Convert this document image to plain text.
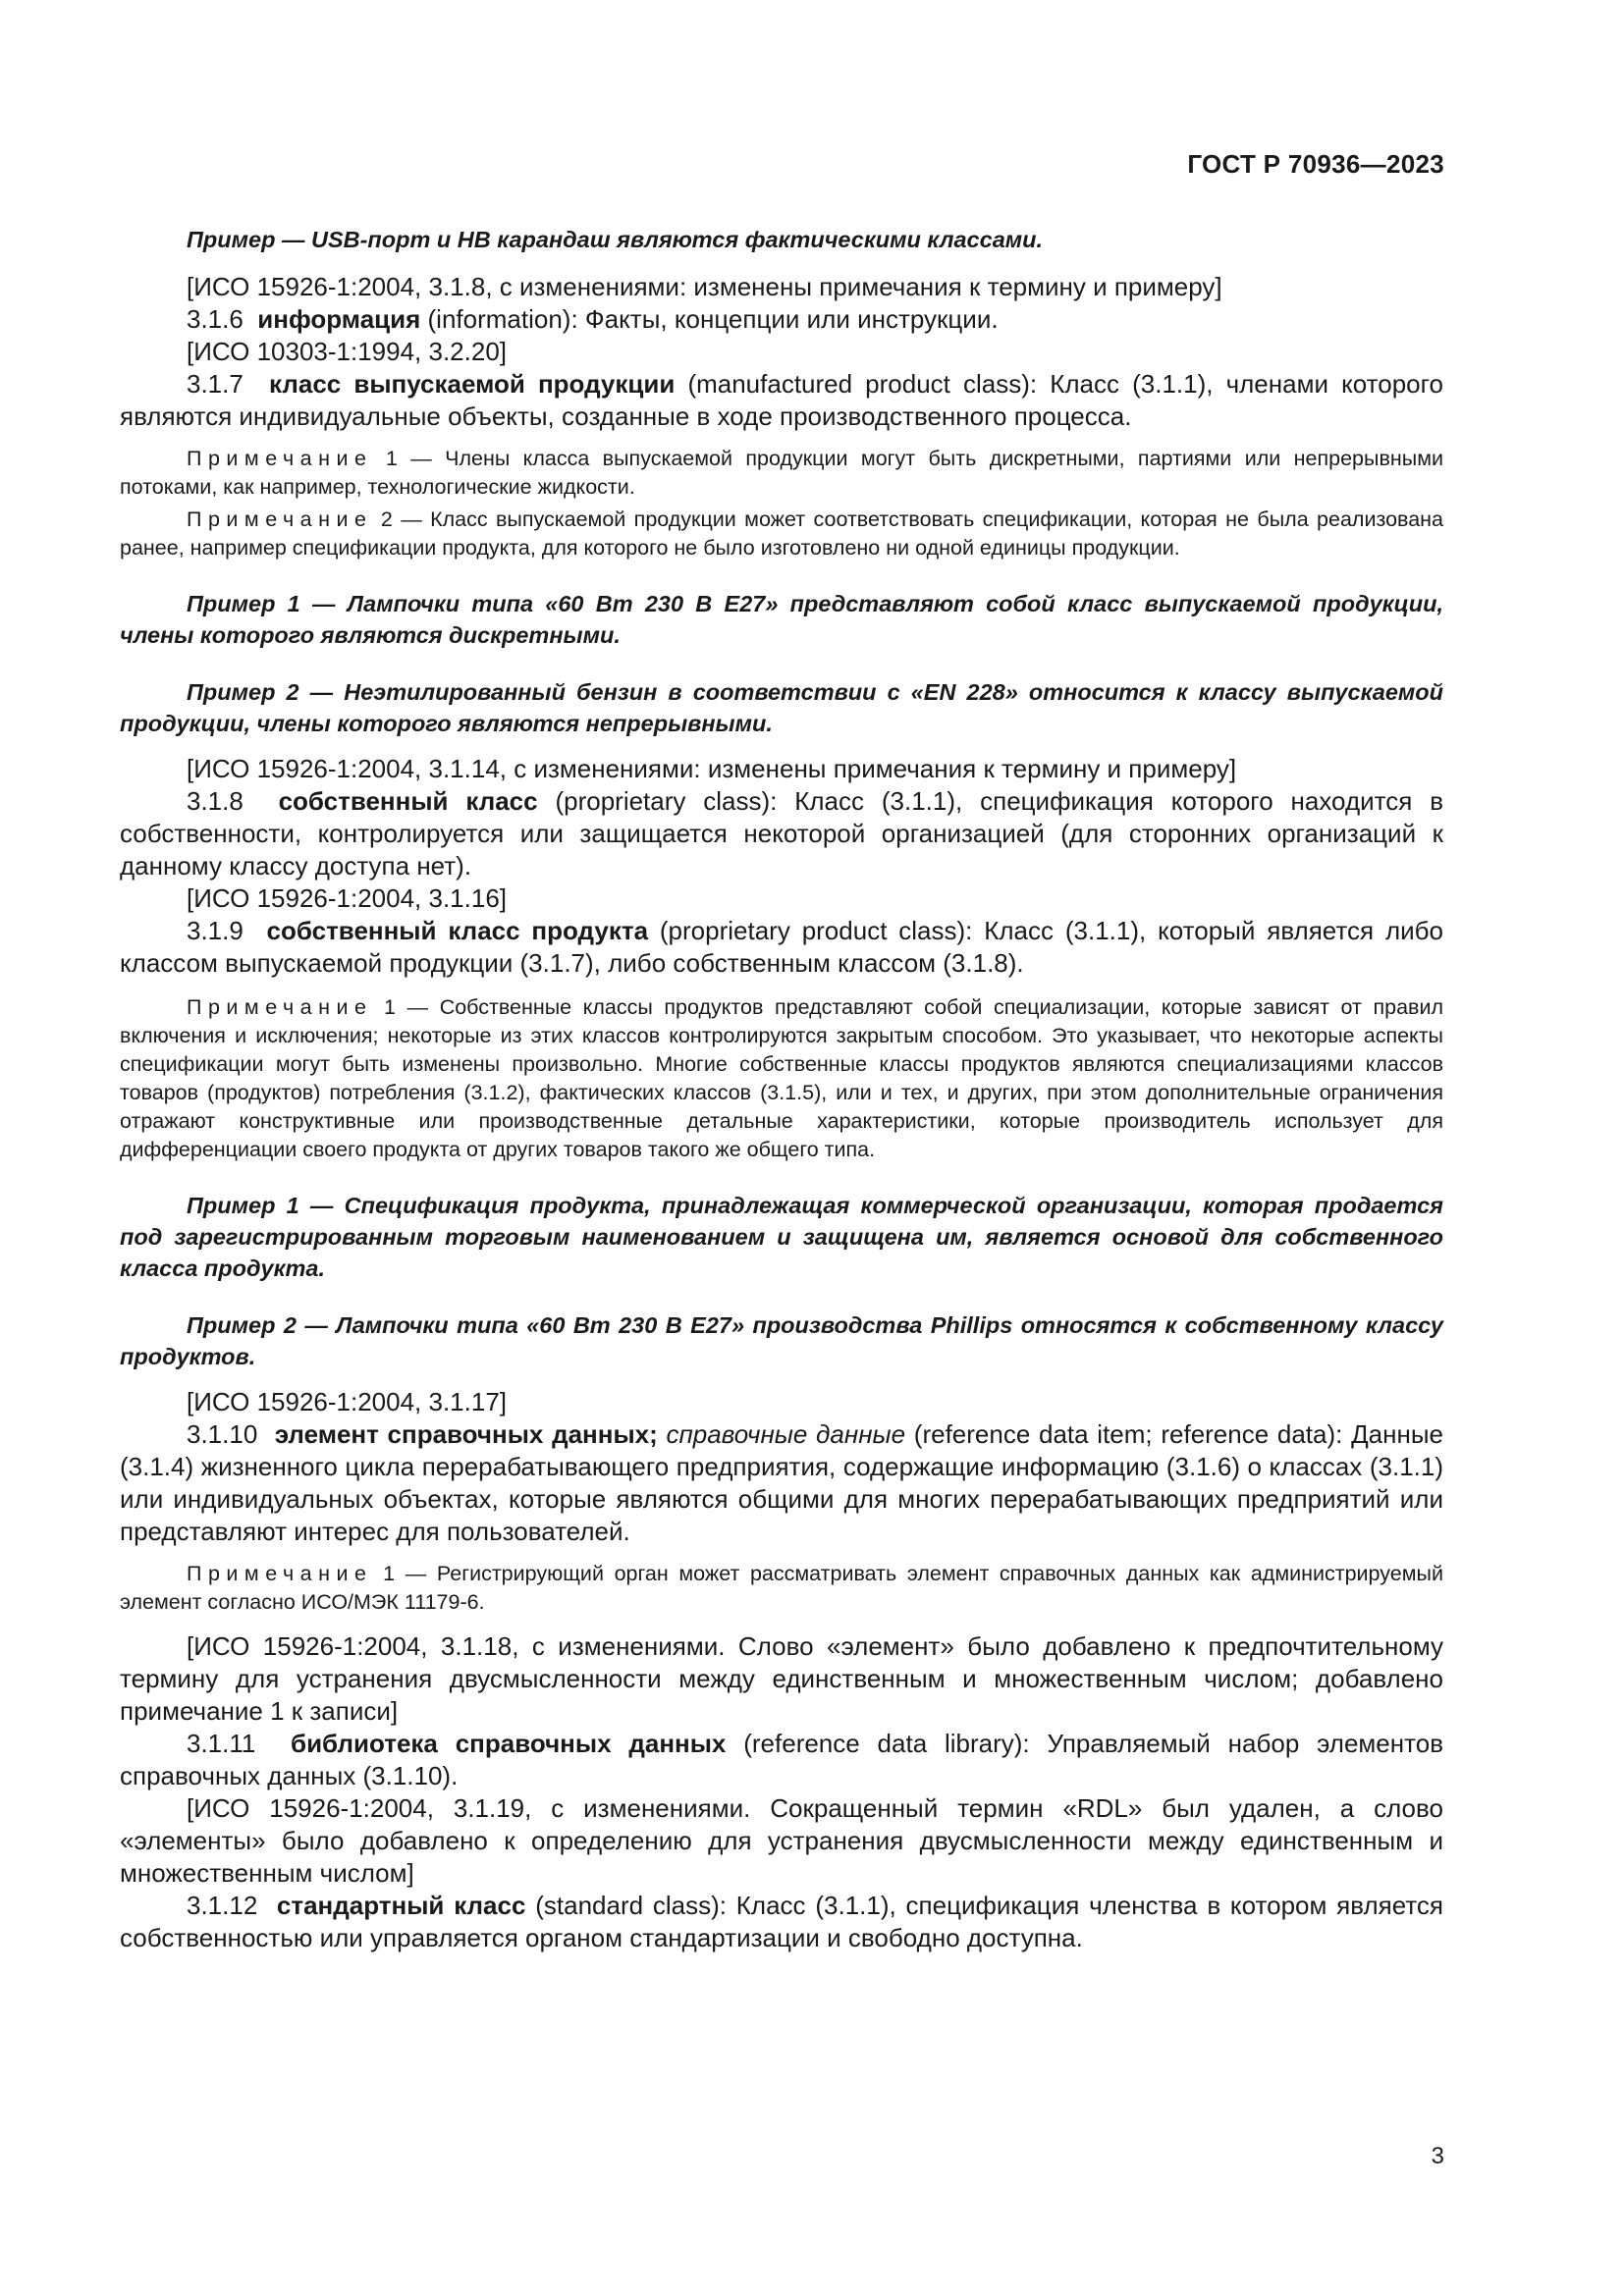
ГОСТ Р 70936—2023

Пример — USB-порт и HB карандаш являются фактическими классами.

[ИСО 15926-1:2004, 3.1.8, с изменениями: изменены примечания к термину и примеру]

3.1.6 информация (information): Факты, концепции или инструкции.

[ИСО 10303-1:1994, 3.2.20]

3.1.7 класс выпускаемой продукции (manufactured product class): Класс (3.1.1), членами которого являются индивидуальные объекты, созданные в ходе производственного процесса.

Примечание 1 — Члены класса выпускаемой продукции могут быть дискретными, партиями или непрерывными потоками, как например, технологические жидкости.

Примечание 2 — Класс выпускаемой продукции может соответствовать спецификации, которая не была реализована ранее, например спецификации продукта, для которого не было изготовлено ни одной единицы продукции.

Пример 1 — Лампочки типа «60 Вт 230 В E27» представляют собой класс выпускаемой продукции, члены которого являются дискретными.

Пример 2 — Неэтилированный бензин в соответствии с «EN 228» относится к классу выпускаемой продукции, члены которого являются непрерывными.

[ИСО 15926-1:2004, 3.1.14, с изменениями: изменены примечания к термину и примеру]

3.1.8 собственный класс (proprietary class): Класс (3.1.1), спецификация которого находится в собственности, контролируется или защищается некоторой организацией (для сторонних организаций к данному классу доступа нет).

[ИСО 15926-1:2004, 3.1.16]

3.1.9 собственный класс продукта (proprietary product class): Класс (3.1.1), который является либо классом выпускаемой продукции (3.1.7), либо собственным классом (3.1.8).

Примечание 1 — Собственные классы продуктов представляют собой специализации, которые зависят от правил включения и исключения; некоторые из этих классов контролируются закрытым способом. Это указывает, что некоторые аспекты спецификации могут быть изменены произвольно. Многие собственные классы продуктов являются специализациями классов товаров (продуктов) потребления (3.1.2), фактических классов (3.1.5), или и тех, и других, при этом дополнительные ограничения отражают конструктивные или производственные детальные характеристики, которые производитель использует для дифференциации своего продукта от других товаров такого же общего типа.

Пример 1 — Спецификация продукта, принадлежащая коммерческой организации, которая продается под зарегистрированным торговым наименованием и защищена им, является основой для собственного класса продукта.

Пример 2 — Лампочки типа «60 Вт 230 В E27» производства Phillips относятся к собственному классу продуктов.

[ИСО 15926-1:2004, 3.1.17]

3.1.10 элемент справочных данных; справочные данные (reference data item; reference data): Данные (3.1.4) жизненного цикла перерабатывающего предприятия, содержащие информацию (3.1.6) о классах (3.1.1) или индивидуальных объектах, которые являются общими для многих перерабатывающих предприятий или представляют интерес для пользователей.

Примечание 1 — Регистрирующий орган может рассматривать элемент справочных данных как администрируемый элемент согласно ИСО/МЭК 11179-6.

[ИСО 15926-1:2004, 3.1.18, с изменениями. Слово «элемент» было добавлено к предпочтительному термину для устранения двусмысленности между единственным и множественным числом; добавлено примечание 1 к записи]

3.1.11 библиотека справочных данных (reference data library): Управляемый набор элементов справочных данных (3.1.10).

[ИСО 15926-1:2004, 3.1.19, с изменениями. Сокращенный термин «RDL» был удален, а слово «элементы» было добавлено к определению для устранения двусмысленности между единственным и множественным числом]

3.1.12 стандартный класс (standard class): Класс (3.1.1), спецификация членства в котором является собственностью или управляется органом стандартизации и свободно доступна.

3
